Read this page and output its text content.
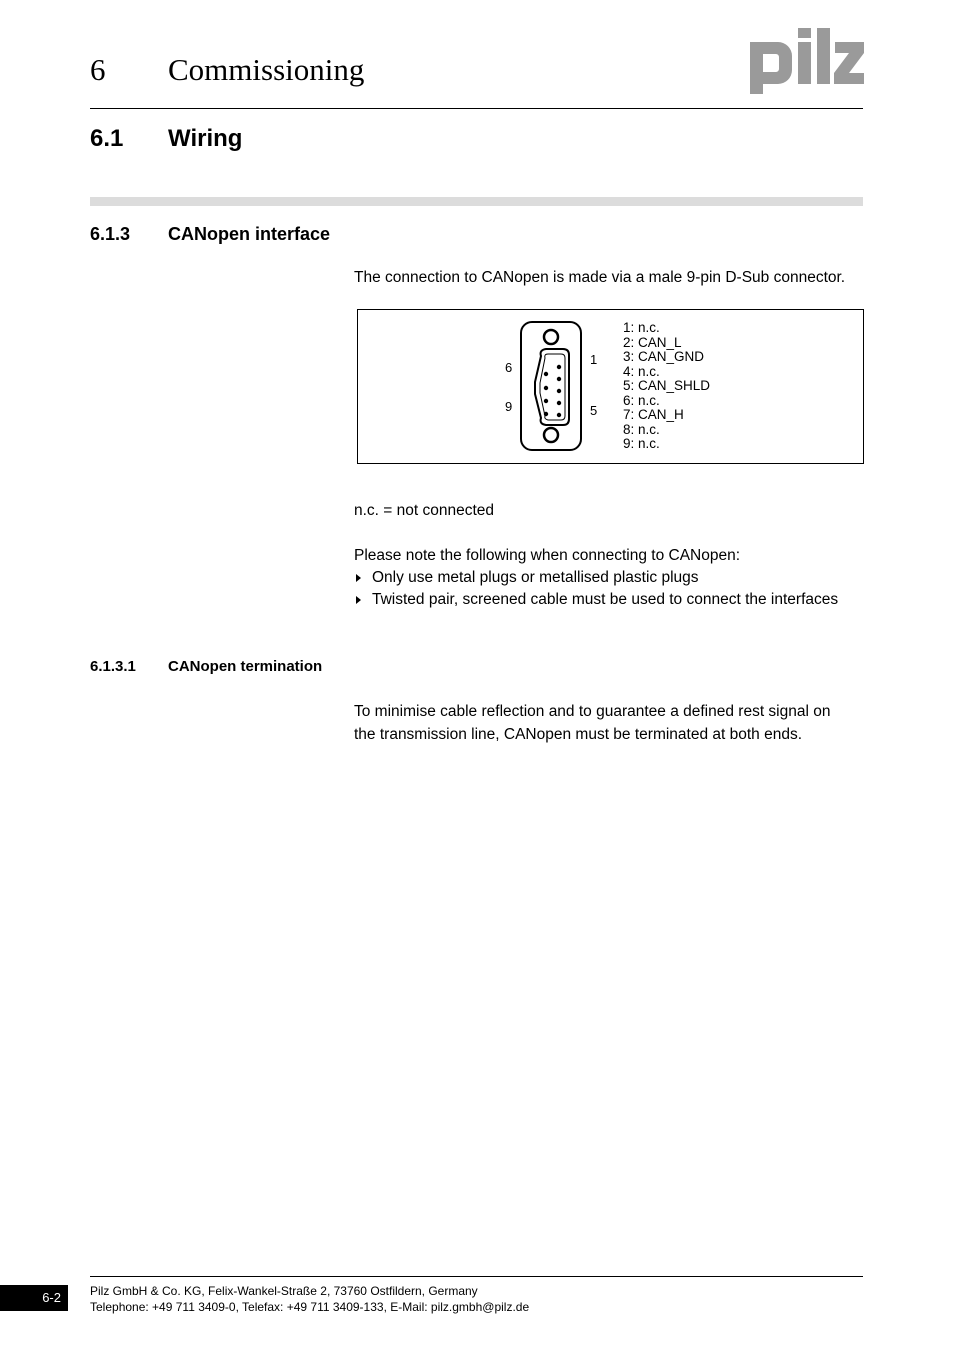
6 Commissioning
6.1 Wiring
6.1.3 CANopen interface
The connection to CANopen is made via a male 9-pin D-Sub connector.
6
9
1
5
1: n.c.
2: CAN_L
3: CAN_GND
4: n.c.
5: CAN_SHLD
6: n.c.
7: CAN_H
8: n.c.
9: n.c.
n.c. = not connected
Please note the following when connecting to CANopen:
Only use metal plugs or metallised plastic plugs
Twisted pair, screened cable must be used to connect the interfaces
6.1.3.1 CANopen termination

To minimise cable reflection and to guarantee a defined rest signal on

the transmission line, CANopen must be terminated at both ends.

6-2	Pilz GmbH & Co. KG, Felix-Wankel-Straße 2, 73760 Ostfildern, Germany
Telephone: +49 711 3409-0, Telefax: +49 711 3409-133, E-Mail: pilz.gmbh@pilz.de
